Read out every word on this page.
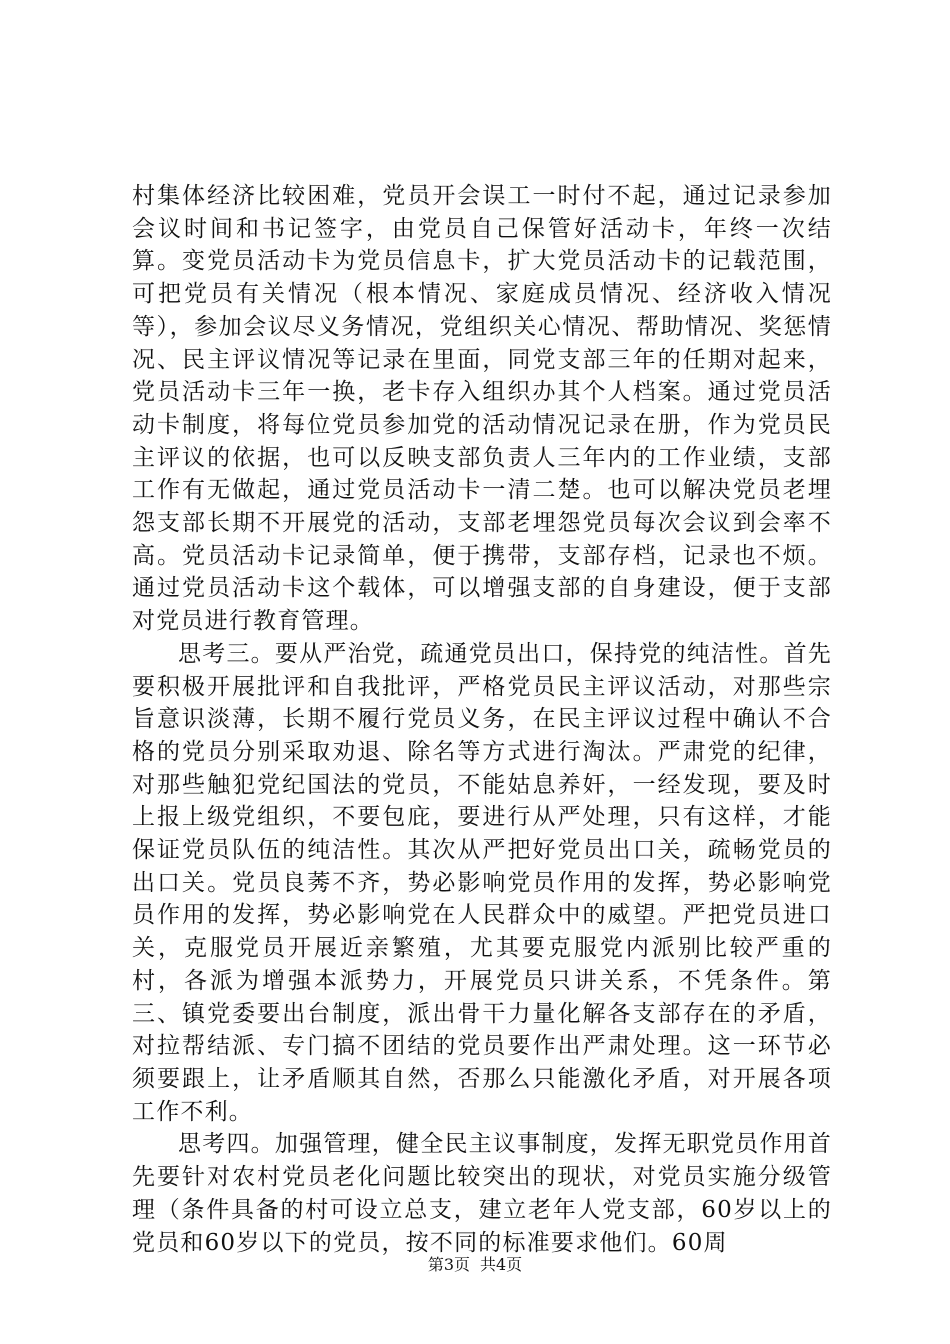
村集体经济比较困难，党员开会误工一时付不起，通过记录参加会议时间和书记签字，由党员自己保管好活动卡，年终一次结算。变党员活动卡为党员信息卡，扩大党员活动卡的记载范围，可把党员有关情况（根本情况、家庭成员情况、经济收入情况等），参加会议尽义务情况，党组织关心情况、帮助情况、奖惩情况、民主评议情况等记录在里面，同党支部三年的任期对起来，党员活动卡三年一换，老卡存入组织办其个人档案。通过党员活动卡制度，将每位党员参加党的活动情况记录在册，作为党员民主评议的依据，也可以反映支部负责人三年内的工作业绩，支部工作有无做起，通过党员活动卡一清二楚。也可以解决党员老埋怨支部长期不开展党的活动，支部老埋怨党员每次会议到会率不高。党员活动卡记录简单，便于携带，支部存档，记录也不烦。通过党员活动卡这个载体，可以增强支部的自身建设，便于支部对党员进行教育管理。

思考三。要从严治党，疏通党员出口，保持党的纯洁性。首先要积极开展批评和自我批评，严格党员民主评议活动，对那些宗旨意识淡薄，长期不履行党员义务，在民主评议过程中确认不合格的党员分别采取劝退、除名等方式进行淘汰。严肃党的纪律，对那些触犯党纪国法的党员，不能姑息养奸，一经发现，要及时上报上级党组织，不要包庇，要进行从严处理，只有这样，才能保证党员队伍的纯洁性。其次从严把好党员出口关，疏畅党员的出口关。党员良莠不齐，势必影响党员作用的发挥，势必影响党员作用的发挥，势必影响党在人民群众中的威望。严把党员进口关，克服党员开展近亲繁殖，尤其要克服党内派别比较严重的村，各派为增强本派势力，开展党员只讲关系，不凭条件。第三、镇党委要出台制度，派出骨干力量化解各支部存在的矛盾，对拉帮结派、专门搞不团结的党员要作出严肃处理。这一环节必须要跟上，让矛盾顺其自然，否那么只能激化矛盾，对开展各项工作不利。

思考四。加强管理，健全民主议事制度，发挥无职党员作用首先要针对农村党员老化问题比较突出的现状，对党员实施分级管理（条件具备的村可设立总支，建立老年人党支部，60岁以上的党员和60岁以下的党员，按不同的标准要求他们。60周

第3页 共4页
